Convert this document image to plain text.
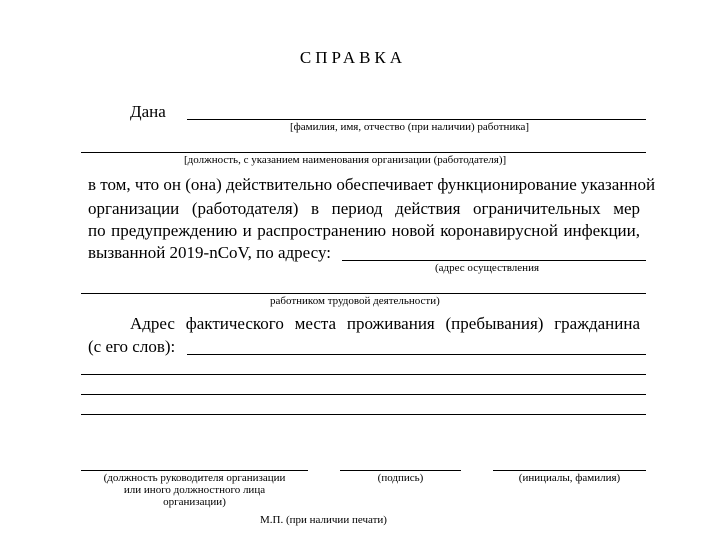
СПРАВКА
Дана
[фамилия, имя, отчество (при наличии) работника]
[должность, с указанием наименования организации (работодателя)]
в том, что он (она) действительно обеспечивает функционирование указанной
организации (работодателя) в период действия ограничительных мер
по предупреждению и распространению новой коронавирусной инфекции,
вызванной 2019-nCoV, по адресу:
(адрес осуществления
работником трудовой деятельности)
Адрес фактического места проживания (пребывания) гражданина
(с его слов):
(должность руководителя организации
или иного должностного лица
организации)
(подпись)	(инициалы, фамилия)
М.П. (при наличии печати)
